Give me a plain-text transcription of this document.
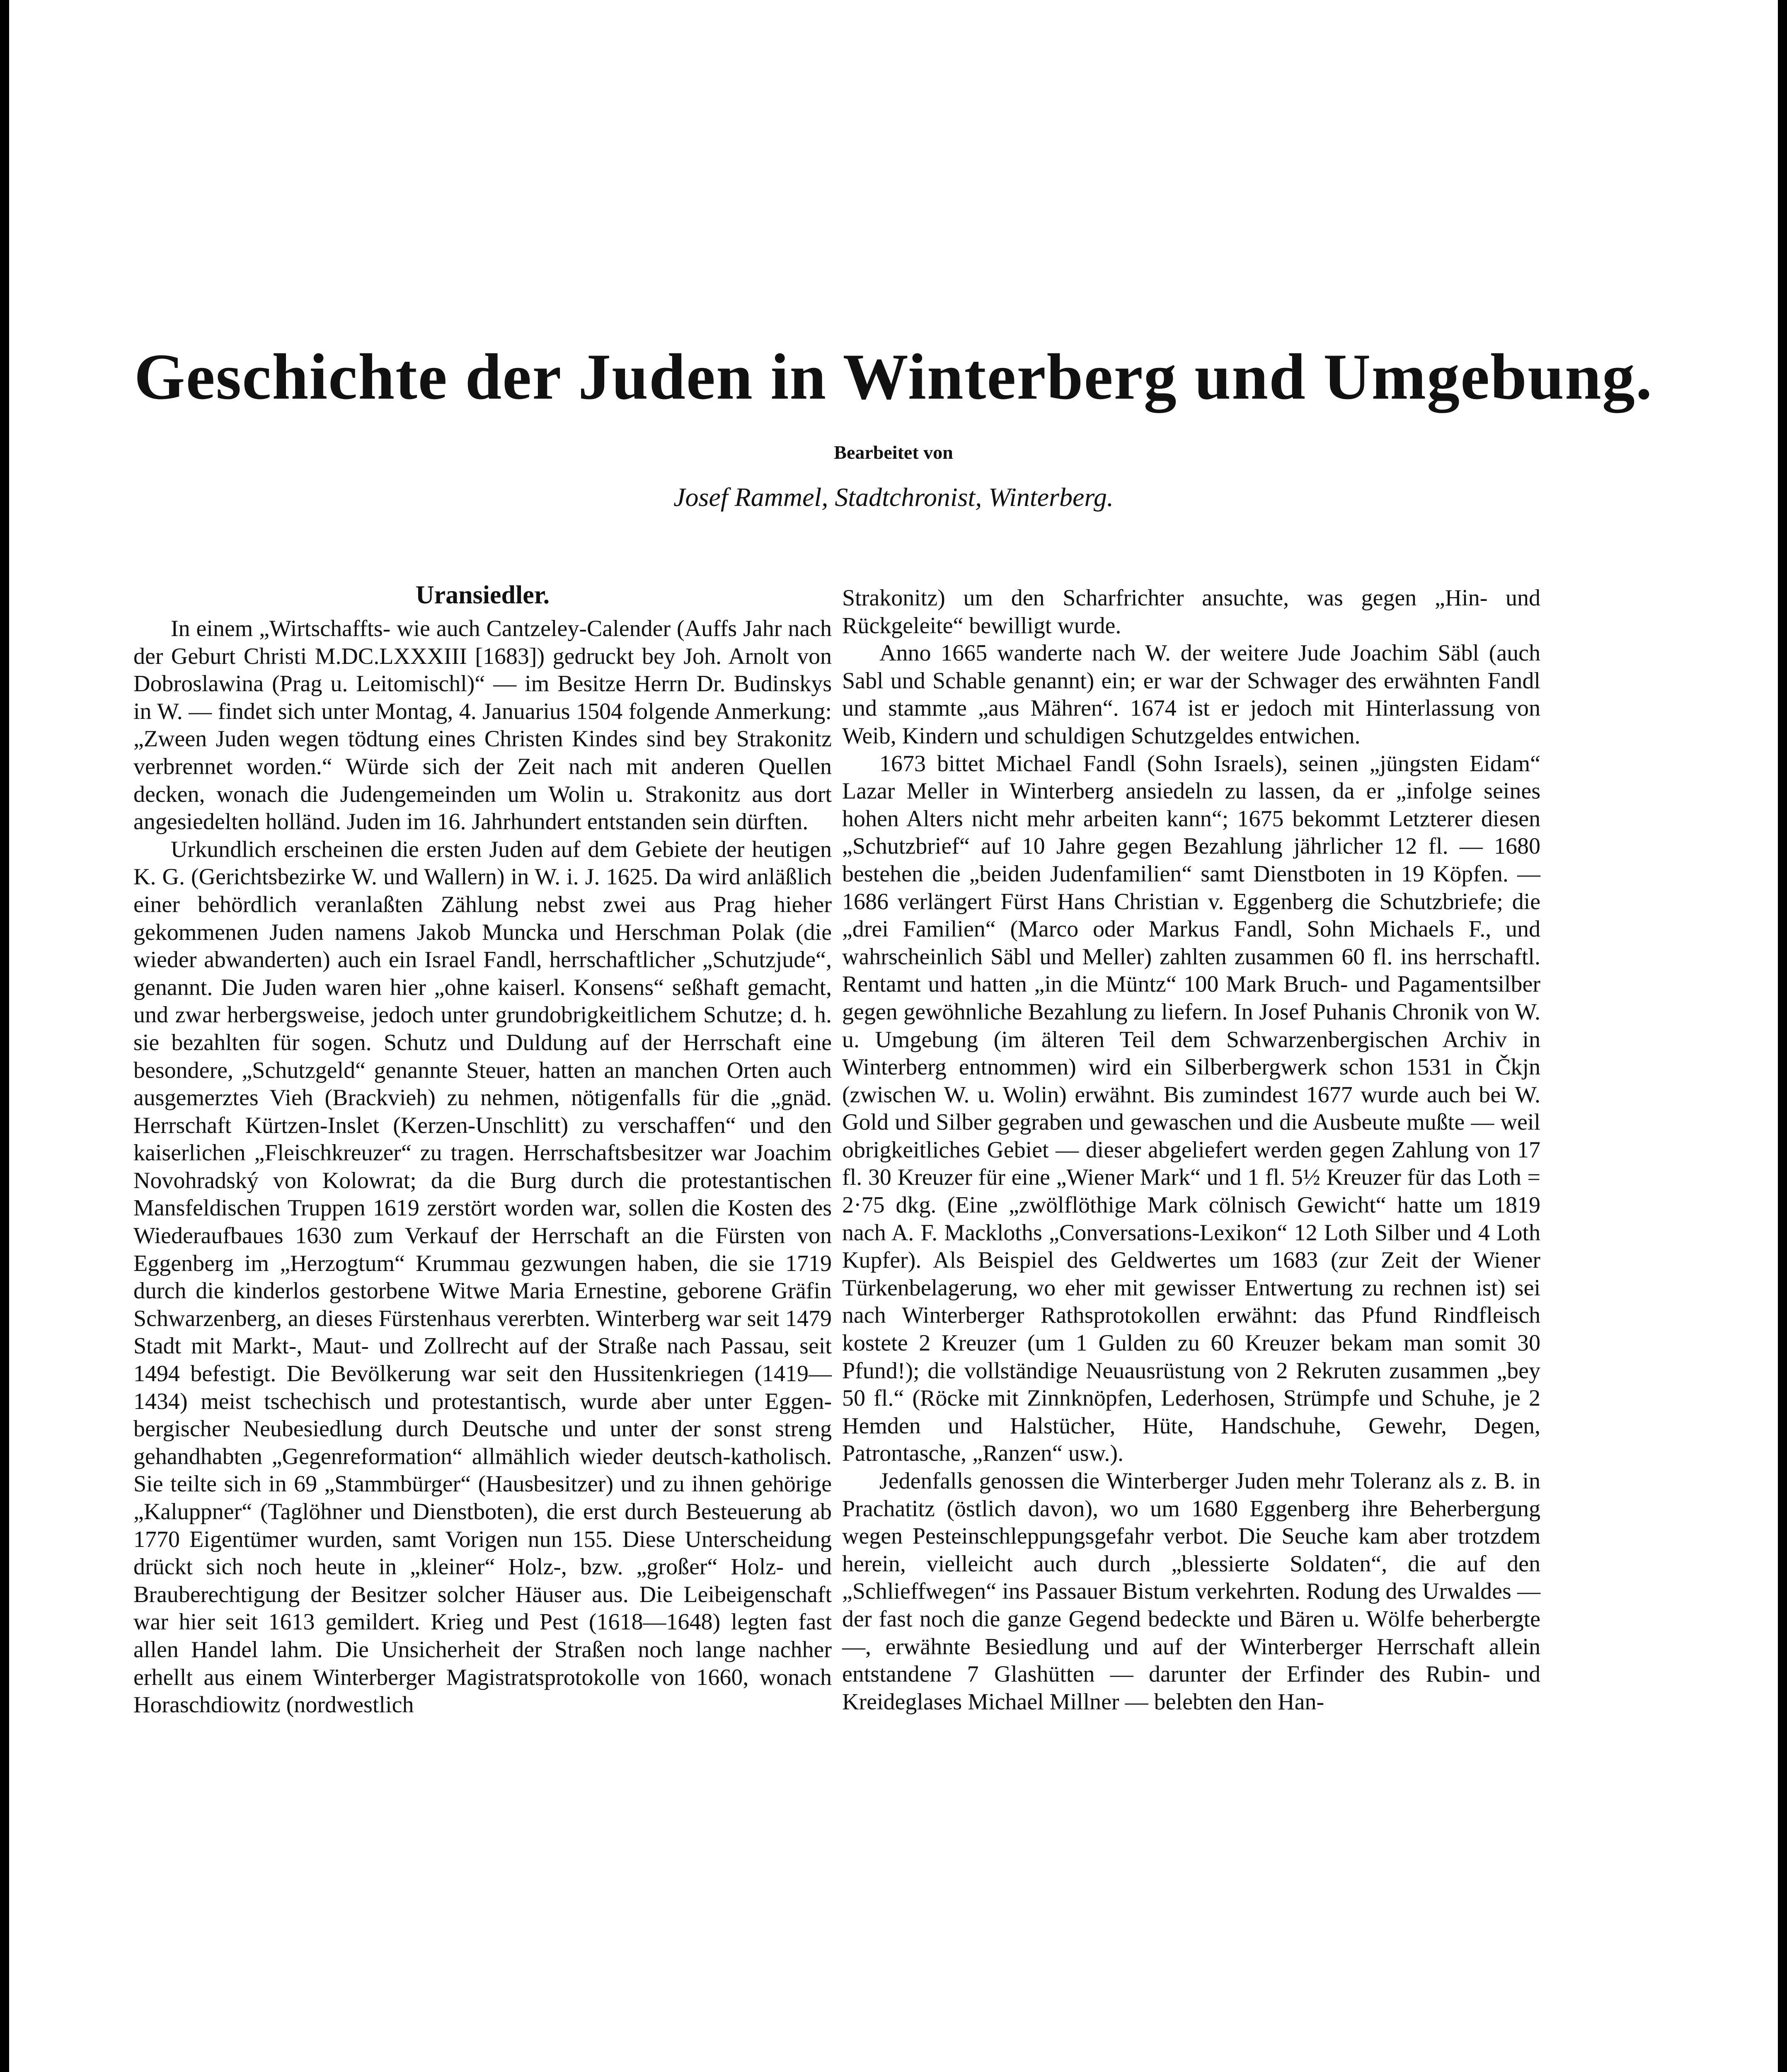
Geschichte der Juden in Winterberg und Umgebung.
Bearbeitet von
Josef Rammel, Stadtchronist, Winterberg.
Uransiedler.

In einem „Wirtschaffts- wie auch Cantzeley-Calender (Auffs Jahr nach der Geburt Christi M.DC.LXXXIII [1683]) gedruckt bey Joh. Arnolt von Dobroslawina (Prag u. Leitomischl)“ — im Besitze Herrn Dr. Budinskys in W. — findet sich unter Montag, 4. Januarius 1504 folgende Anmerkung: „Zween Juden wegen tödtung eines Christen Kindes sind bey Strakonitz verbrennet worden.“ Würde sich der Zeit nach mit anderen Quellen decken, wonach die Judengemeinden um Wolin u. Strakonitz aus dort angesiedelten holländ. Juden im 16. Jahrhundert entstanden sein dürften.

Urkundlich erscheinen die ersten Juden auf dem Gebiete der heutigen K. G. (Gerichtsbezirke W. und Wallern) in W. i. J. 1625. Da wird anläßlich einer behördlich veranlaßten Zählung nebst zwei aus Prag hieher gekommenen Juden namens Jakob Muncka und Herschman Polak (die wieder abwanderten) auch ein Israel Fandl, herrschaftlicher „Schutzjude“, genannt. Die Juden waren hier „ohne kaiserl. Konsens“ seßhaft gemacht, und zwar herbergsweise, jedoch unter grundobrigkeitlichem Schutze; d. h. sie bezahlten für sogen. Schutz und Duldung auf der Herrschaft eine besondere, „Schutzgeld“ genannte Steuer, hatten an manchen Orten auch ausgemerztes Vieh (Brackvieh) zu nehmen, nötigenfalls für die „gnäd. Herrschaft Kürtzen-Inslet (Kerzen-Unschlitt) zu verschaffen“ und den kaiserlichen „Fleischkreuzer“ zu tragen. Herrschaftsbesitzer war Joachim Novohradský von Kolowrat; da die Burg durch die protestantischen Mansfeldischen Truppen 1619 zerstört worden war, sollen die Kosten des Wiederaufbaues 1630 zum Verkauf der Herrschaft an die Fürsten von Eggenberg im „Herzogtum“ Krummau gezwungen haben, die sie 1719 durch die kinderlos gestorbene Witwe Maria Ernestine, geborene Gräfin Schwarzenberg, an dieses Fürstenhaus vererbten. Winterberg war seit 1479 Stadt mit Markt-, Maut- und Zollrecht auf der Straße nach Passau, seit 1494 befestigt. Die Bevölkerung war seit den Hussitenkriegen (1419—1434) meist tschechisch und protestantisch, wurde aber unter Eggenbergischer Neubesiedlung durch Deutsche und unter der sonst streng gehandhabten „Gegenreformation“ allmählich wieder deutsch-katholisch. Sie teilte sich in 69 „Stammbürger“ (Hausbesitzer) und zu ihnen gehörige „Kaluppner“ (Taglöhner und Dienstboten), die erst durch Besteuerung ab 1770 Eigentümer wurden, samt Vorigen nun 155. Diese Unterscheidung drückt sich noch heute in „kleiner“ Holz-, bzw. „großer“ Holz- und Brauberechtigung der Besitzer solcher Häuser aus. Die Leibeigenschaft war hier seit 1613 gemildert. Krieg und Pest (1618—1648) legten fast allen Handel lahm. Die Unsicherheit der Straßen noch lange nachher erhellt aus einem Winterberger Magistratsprotokolle von 1660, wonach Horaschdiowitz (nordwestlich

Strakonitz) um den Scharfrichter ansuchte, was gegen „Hin- und Rückgeleite“ bewilligt wurde.

Anno 1665 wanderte nach W. der weitere Jude Joachim Säbl (auch Sabl und Schable genannt) ein; er war der Schwager des erwähnten Fandl und stammte „aus Mähren“. 1674 ist er jedoch mit Hinterlassung von Weib, Kindern und schuldigen Schutzgeldes entwichen.

1673 bittet Michael Fandl (Sohn Israels), seinen „jüngsten Eidam“ Lazar Meller in Winterberg ansiedeln zu lassen, da er „infolge seines hohen Alters nicht mehr arbeiten kann“; 1675 bekommt Letzterer diesen „Schutzbrief“ auf 10 Jahre gegen Bezahlung jährlicher 12 fl. — 1680 bestehen die „beiden Judenfamilien“ samt Dienstboten in 19 Köpfen. — 1686 verlängert Fürst Hans Christian v. Eggenberg die Schutzbriefe; die „drei Familien“ (Marco oder Markus Fandl, Sohn Michaels F., und wahrscheinlich Säbl und Meller) zahlten zusammen 60 fl. ins herrschaftl. Rentamt und hatten „in die Müntz“ 100 Mark Bruch- und Pagamentsilber gegen gewöhnliche Bezahlung zu liefern. In Josef Puhanis Chronik von W. u. Umgebung (im älteren Teil dem Schwarzenbergischen Archiv in Winterberg entnommen) wird ein Silberbergwerk schon 1531 in Čkjn (zwischen W. u. Wolin) erwähnt. Bis zumindest 1677 wurde auch bei W. Gold und Silber gegraben und gewaschen und die Ausbeute mußte — weil obrigkeitliches Gebiet — dieser abgeliefert werden gegen Zahlung von 17 fl. 30 Kreuzer für eine „Wiener Mark“ und 1 fl. 5½ Kreuzer für das Loth = 2·75 dkg. (Eine „zwölflöthige Mark cölnisch Gewicht“ hatte um 1819 nach A. F. Mackloths „Conversations-Lexikon“ 12 Loth Silber und 4 Loth Kupfer). Als Beispiel des Geldwertes um 1683 (zur Zeit der Wiener Türkenbelagerung, wo eher mit gewisser Entwertung zu rechnen ist) sei nach Winterberger Rathsprotokollen erwähnt: das Pfund Rindfleisch kostete 2 Kreuzer (um 1 Gulden zu 60 Kreuzer bekam man somit 30 Pfund!); die vollständige Neuausrüstung von 2 Rekruten zusammen „bey 50 fl.“ (Röcke mit Zinnknöpfen, Lederhosen, Strümpfe und Schuhe, je 2 Hemden und Halstücher, Hüte, Handschuhe, Gewehr, Degen, Patrontasche, „Ranzen“ usw.).

Jedenfalls genossen die Winterberger Juden mehr Toleranz als z. B. in Prachatitz (östlich davon), wo um 1680 Eggenberg ihre Beherbergung wegen Pesteinschleppungsgefahr verbot. Die Seuche kam aber trotzdem herein, vielleicht auch durch „blessierte Soldaten“, die auf den „Schlieffwegen“ ins Passauer Bistum verkehrten. Rodung des Urwaldes — der fast noch die ganze Gegend bedeckte und Bären u. Wölfe beherbergte —, erwähnte Besiedlung und auf der Winterberger Herrschaft allein entstandene 7 Glashütten — darunter der Erfinder des Rubin- und Kreideglases Michael Millner — belebten den Han-
